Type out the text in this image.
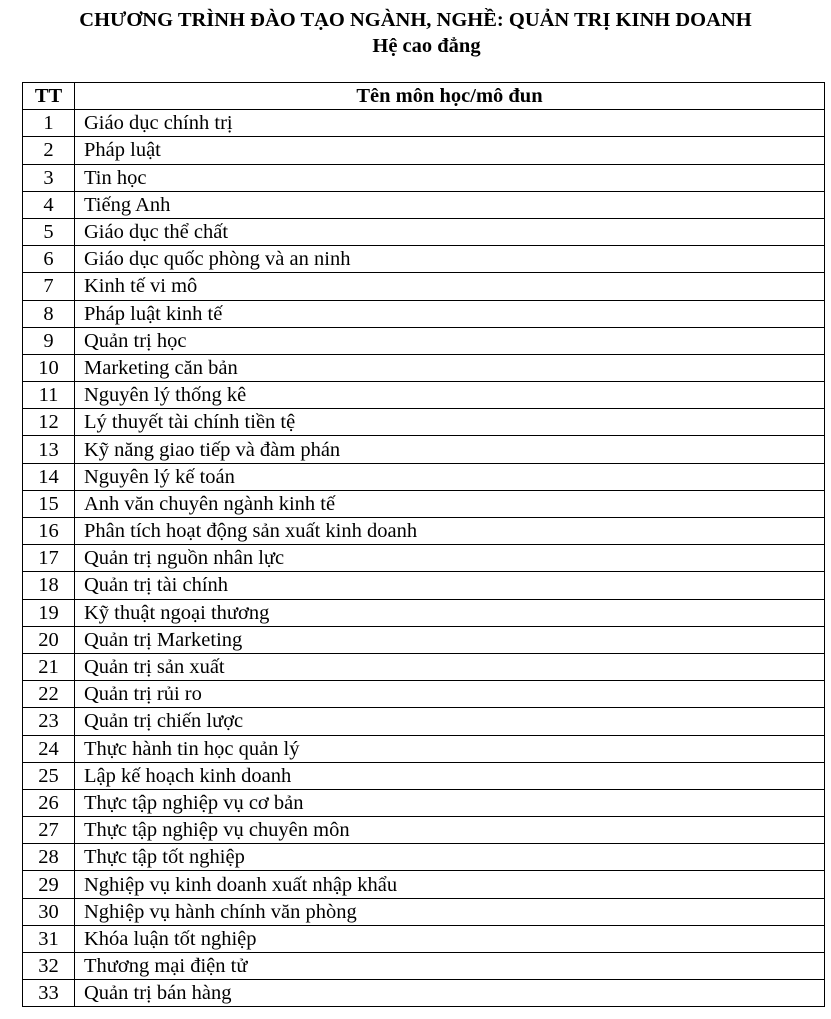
CHƯƠNG TRÌNH ĐÀO TẠO NGÀNH, NGHỀ: QUẢN TRỊ KINH DOANH
Hệ cao đẳng
TT	Tên môn học/mô đun
1	Giáo dục chính trị
2	Pháp luật
3	Tin học
4	Tiếng Anh
5	Giáo dục thể chất
6	Giáo dục quốc phòng và an ninh
7	Kinh tế vi mô
8	Pháp luật kinh tế
9	Quản trị học
10	Marketing căn bản
11	Nguyên lý thống kê
12	Lý thuyết tài chính tiền tệ
13	Kỹ năng giao tiếp và đàm phán
14	Nguyên lý kế toán
15	Anh văn chuyên ngành kinh tế
16	Phân tích hoạt động sản xuất kinh doanh
17	Quản trị nguồn nhân lực
18	Quản trị tài chính
19	Kỹ thuật ngoại thương
20	Quản trị Marketing
21	Quản trị sản xuất
22	Quản trị rủi ro
23	Quản trị chiến lược
24	Thực hành tin học quản lý
25	Lập kế hoạch kinh doanh
26	Thực tập nghiệp vụ cơ bản
27	Thực tập nghiệp vụ chuyên môn
28	Thực tập tốt nghiệp
29	Nghiệp vụ kinh doanh xuất nhập khẩu
30	Nghiệp vụ hành chính văn phòng
31	Khóa luận tốt nghiệp
32	Thương mại điện tử
33	Quản trị bán hàng
